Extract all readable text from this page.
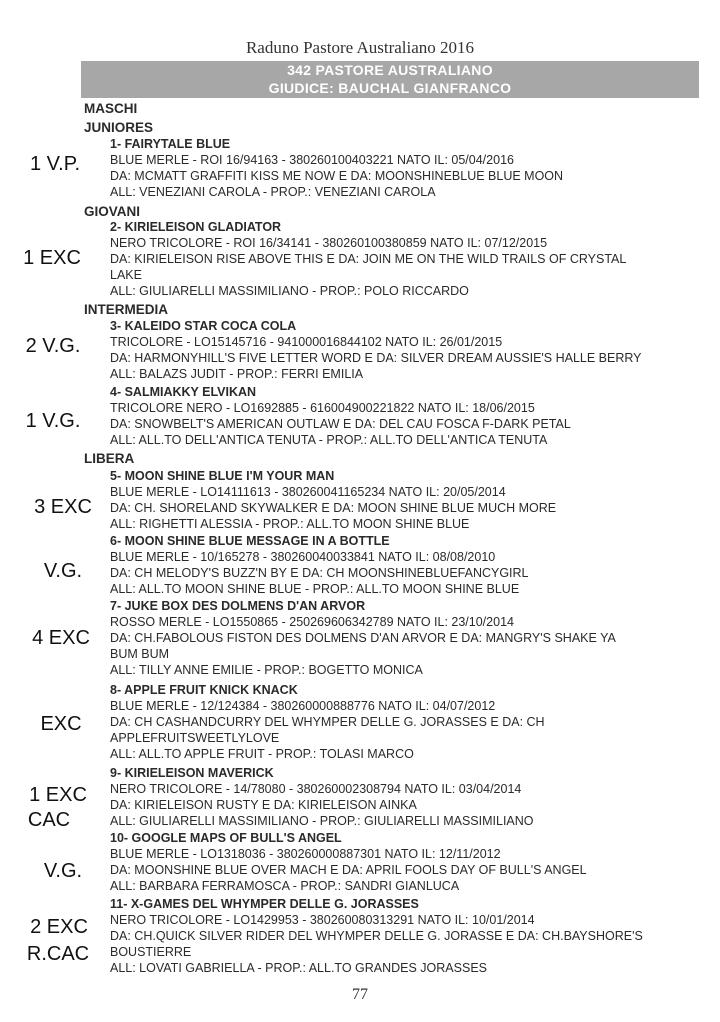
Raduno Pastore Australiano 2016
342 PASTORE AUSTRALIANO
GIUDICE: BAUCHAL GIANFRANCO
MASCHI
JUNIORES
GIOVANI
INTERMEDIA
LIBERA
1 V.P.
1- FAIRYTALE BLUE
BLUE MERLE - ROI 16/94163 - 380260100403221 NATO IL: 05/04/2016
DA: MCMATT GRAFFITI KISS ME NOW E DA: MOONSHINEBLUE BLUE MOON
ALL: VENEZIANI CAROLA - PROP.: VENEZIANI CAROLA
1 EXC
2- KIRIELEISON GLADIATOR
NERO TRICOLORE - ROI 16/34141 - 380260100380859 NATO IL: 07/12/2015
DA: KIRIELEISON RISE ABOVE THIS E DA: JOIN ME ON THE WILD TRAILS OF CRYSTAL
LAKE
ALL: GIULIARELLI MASSIMILIANO - PROP.: POLO RICCARDO
2 V.G.
3- KALEIDO STAR COCA COLA
TRICOLORE - LO15145716 - 941000016844102 NATO IL: 26/01/2015
DA: HARMONYHILL'S FIVE LETTER WORD E DA: SILVER DREAM AUSSIE'S HALLE BERRY
ALL: BALAZS JUDIT - PROP.: FERRI EMILIA
1 V.G.
4- SALMIAKKY ELVIKAN
TRICOLORE NERO - LO1692885 - 616004900221822 NATO IL: 18/06/2015
DA: SNOWBELT'S AMERICAN OUTLAW E DA: DEL CAU FOSCA F-DARK PETAL
ALL: ALL.TO DELL'ANTICA TENUTA - PROP.: ALL.TO DELL'ANTICA TENUTA
3 EXC
5- MOON SHINE BLUE I'M YOUR MAN
BLUE MERLE - LO14111613 - 380260041165234 NATO IL: 20/05/2014
DA: CH. SHORELAND SKYWALKER E DA: MOON SHINE BLUE MUCH MORE
ALL: RIGHETTI ALESSIA - PROP.: ALL.TO MOON SHINE BLUE
V.G.
6- MOON SHINE BLUE MESSAGE IN A BOTTLE
BLUE MERLE - 10/165278 - 380260040033841 NATO IL: 08/08/2010
DA: CH MELODY'S BUZZ'N BY E DA: CH MOONSHINEBLUEFANCYGIRL
ALL: ALL.TO MOON SHINE BLUE - PROP.: ALL.TO MOON SHINE BLUE
4 EXC
7- JUKE BOX DES DOLMENS D'AN ARVOR
ROSSO MERLE - LO1550865 - 250269606342789 NATO IL: 23/10/2014
DA: CH.FABOLOUS FISTON DES DOLMENS D'AN ARVOR E DA: MANGRY'S SHAKE YA
BUM BUM
ALL: TILLY ANNE EMILIE - PROP.: BOGETTO MONICA
EXC
8- APPLE FRUIT KNICK KNACK
BLUE MERLE - 12/124384 - 380260000888776 NATO IL: 04/07/2012
DA: CH CASHANDCURRY DEL WHYMPER DELLE G. JORASSES E DA: CH
APPLEFRUITSWEETLYLOVE
ALL: ALL.TO APPLE FRUIT - PROP.: TOLASI MARCO
1 EXC
CAC
9- KIRIELEISON MAVERICK
NERO TRICOLORE - 14/78080 - 380260002308794 NATO IL: 03/04/2014
DA: KIRIELEISON RUSTY E DA: KIRIELEISON AINKA
ALL: GIULIARELLI MASSIMILIANO - PROP.: GIULIARELLI MASSIMILIANO
V.G.
10- GOOGLE MAPS OF BULL'S ANGEL
BLUE MERLE - LO1318036 - 380260000887301 NATO IL: 12/11/2012
DA: MOONSHINE BLUE OVER MACH E DA: APRIL FOOLS DAY OF BULL'S ANGEL
ALL: BARBARA FERRAMOSCA - PROP.: SANDRI GIANLUCA
2 EXC
R.CAC
11- X-GAMES DEL WHYMPER DELLE G. JORASSES
NERO TRICOLORE - LO1429953 - 380260080313291 NATO IL: 10/01/2014
DA: CH.QUICK SILVER RIDER DEL WHYMPER DELLE G. JORASSE E DA: CH.BAYSHORE'S
BOUSTIERRE
ALL: LOVATI GABRIELLA - PROP.: ALL.TO GRANDES JORASSES
77
